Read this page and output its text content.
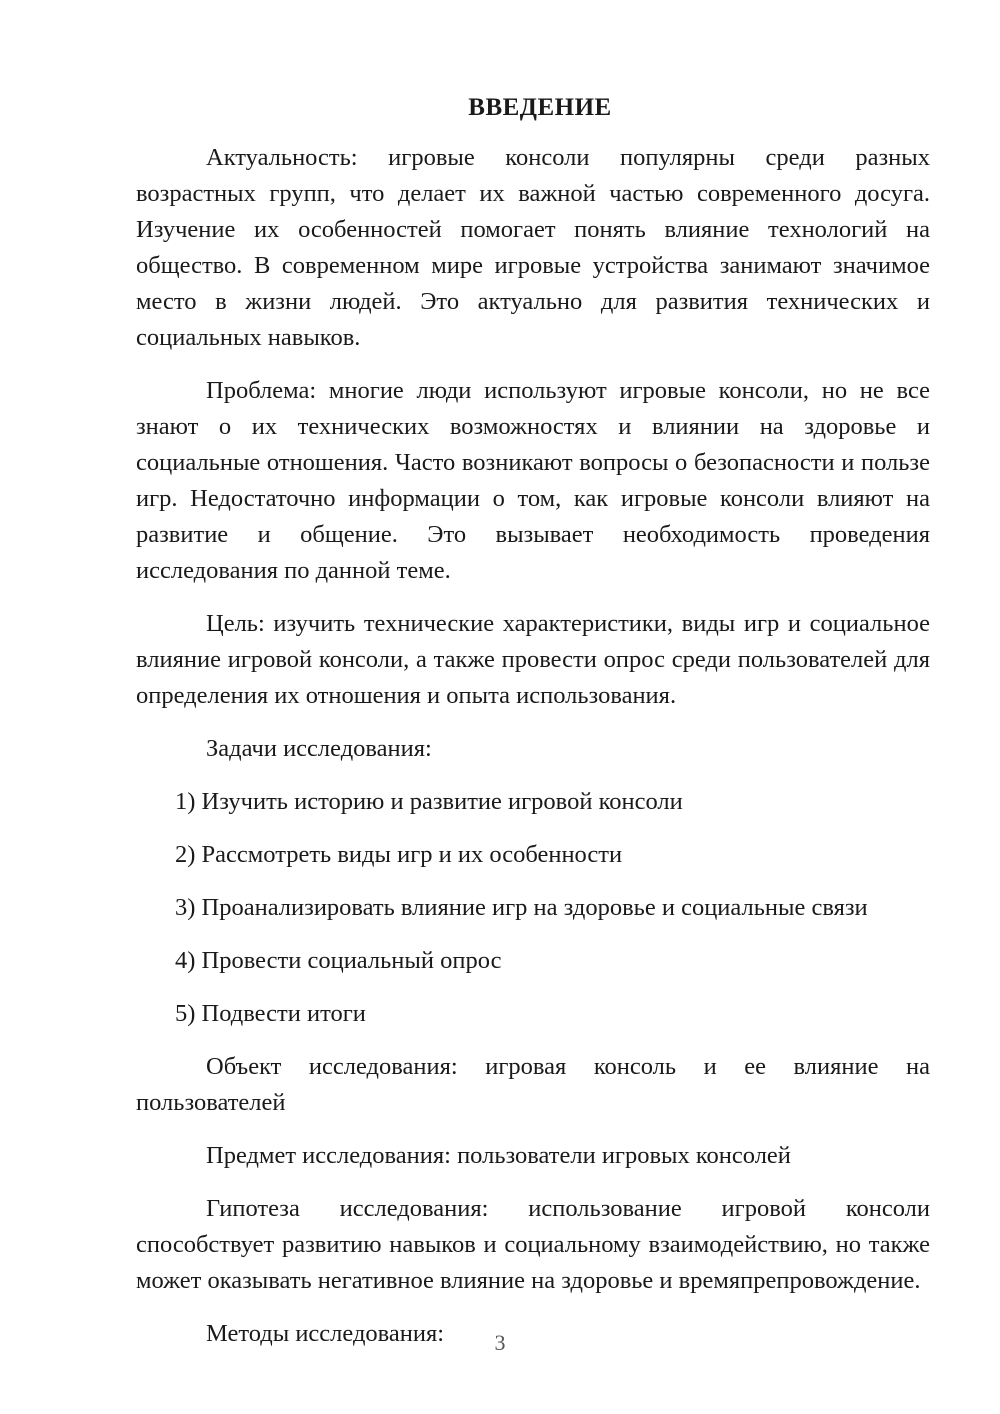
ВВЕДЕНИЕ

Актуальность: игровые консоли популярны среди разных возрастных групп, что делает их важной частью современного досуга. Изучение их особенностей помогает понять влияние технологий на общество. В современном мире игровые устройства занимают значимое место в жизни людей. Это актуально для развития технических и социальных навыков.

Проблема: многие люди используют игровые консоли, но не все знают о их технических возможностях и влиянии на здоровье и социальные отношения. Часто возникают вопросы о безопасности и пользе игр. Недостаточно информации о том, как игровые консоли влияют на развитие и общение. Это вызывает необходимость проведения исследования по данной теме.

Цель: изучить технические характеристики, виды игр и социальное влияние игровой консоли, а также провести опрос среди пользователей для определения их отношения и опыта использования.

Задачи исследования:

1) Изучить историю и развитие игровой консоли
2) Рассмотреть виды игр и их особенности
3) Проанализировать влияние игр на здоровье и социальные связи
4) Провести социальный опрос
5) Подвести итоги

Объект исследования: игровая консоль и ее влияние на пользователей

Предмет исследования: пользователи игровых консолей

Гипотеза исследования: использование игровой консоли способствует развитию навыков и социальному взаимодействию, но также может оказывать негативное влияние на здоровье и времяпрепровождение.

Методы исследования:	3
